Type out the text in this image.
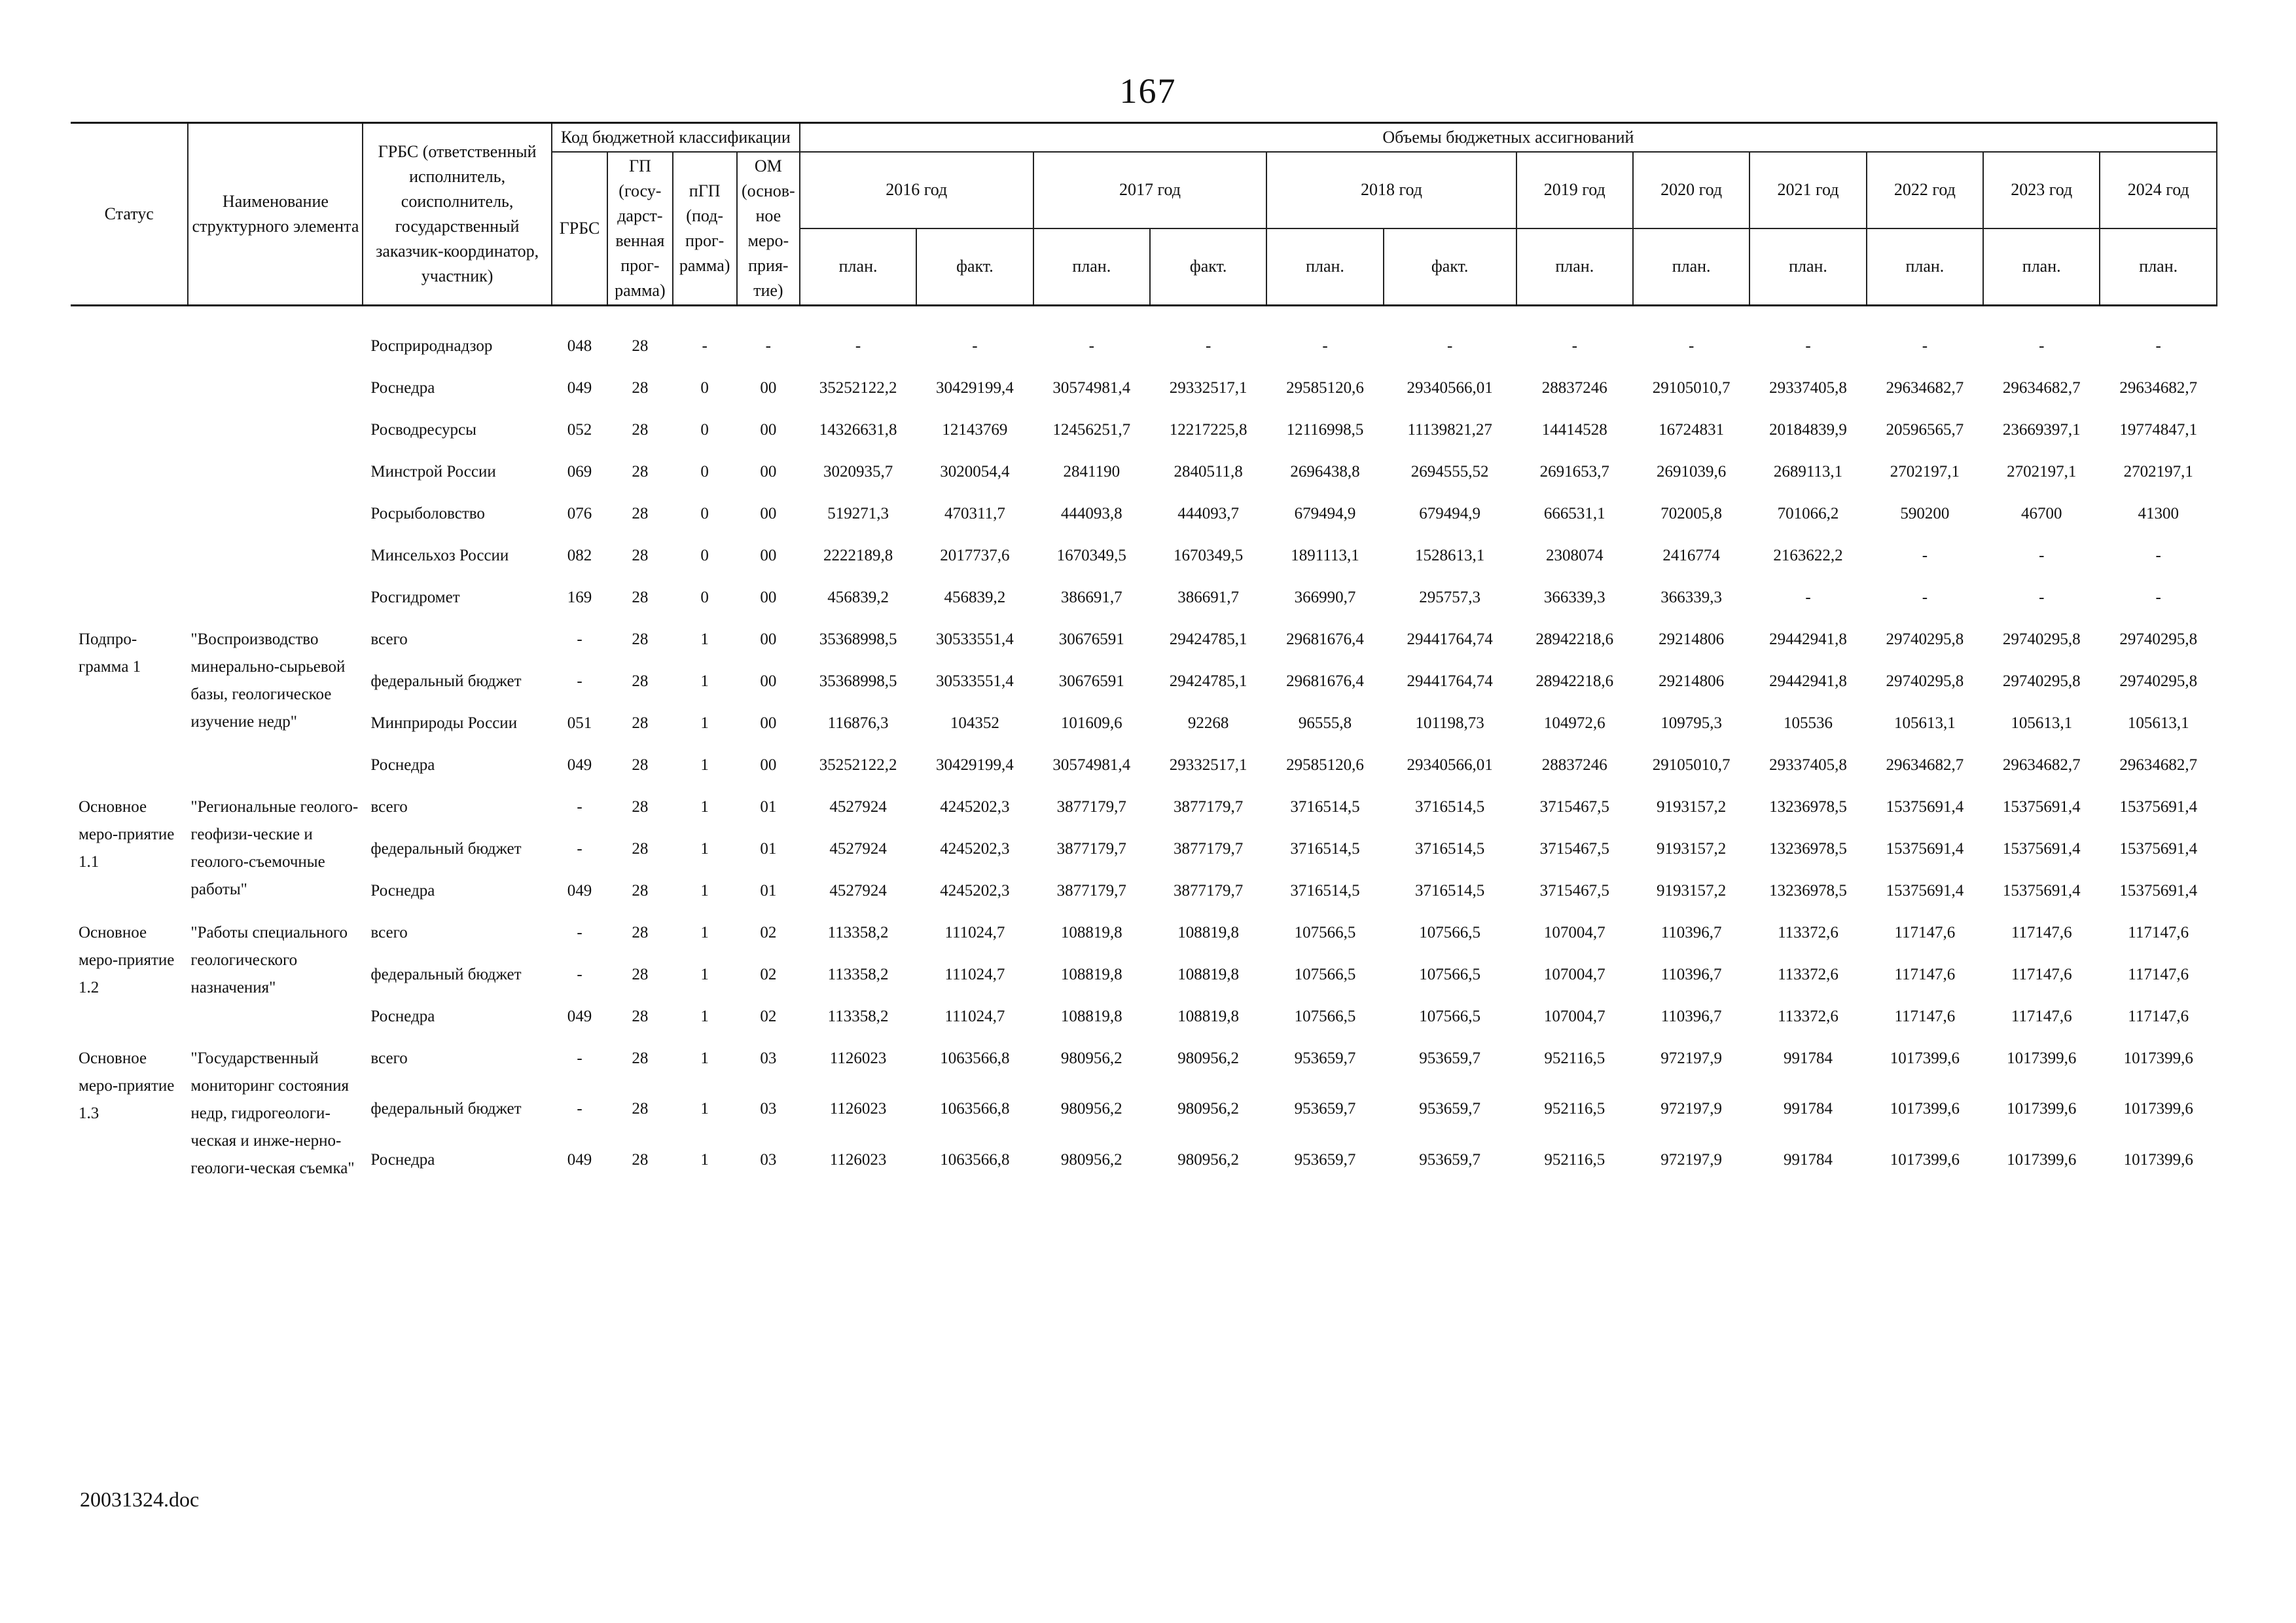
167
Статус	Наименование структурного элемента	ГРБС (ответственный исполнитель, соисполнитель, государственный заказчик-координатор, участник)	Код бюджетной классификации				Объемы бюджетных ассигнований											
			ГРБС	ГП (госу-дарст-венная прог-рамма)	пГП (под-прог-рамма)	ОМ (основ-ное меро-прия-тие)	2016 год		2017 год		2018 год		2019 год	2020 год	2021 год	2022 год	2023 год	2024 год
							план.	факт.	план.	факт.	план.	факт.	план.	план.	план.	план.	план.	план.
		Росприроднадзор	048	28	-	-	-	-	-	-	-	-	-	-	-	-	-	-
		Роснедра	049	28	0	00	35252122,2	30429199,4	30574981,4	29332517,1	29585120,6	29340566,01	28837246	29105010,7	29337405,8	29634682,7	29634682,7	29634682,7
		Росводресурсы	052	28	0	00	14326631,8	12143769	12456251,7	12217225,8	12116998,5	11139821,27	14414528	16724831	20184839,9	20596565,7	23669397,1	19774847,1
		Минстрой России	069	28	0	00	3020935,7	3020054,4	2841190	2840511,8	2696438,8	2694555,52	2691653,7	2691039,6	2689113,1	2702197,1	2702197,1	2702197,1
		Росрыболовство	076	28	0	00	519271,3	470311,7	444093,8	444093,7	679494,9	679494,9	666531,1	702005,8	701066,2	590200	46700	41300
		Минсельхоз России	082	28	0	00	2222189,8	2017737,6	1670349,5	1670349,5	1891113,1	1528613,1	2308074	2416774	2163622,2	-	-	-
		Росгидромет	169	28	0	00	456839,2	456839,2	386691,7	386691,7	366990,7	295757,3	366339,3	366339,3	-	-	-	-
Подпро-грамма 1	"Воспроизводство минерально-сырьевой базы, геологическое изучение недр"	всего	-	28	1	00	35368998,5	30533551,4	30676591	29424785,1	29681676,4	29441764,74	28942218,6	29214806	29442941,8	29740295,8	29740295,8	29740295,8
		федеральный бюджет	-	28	1	00	35368998,5	30533551,4	30676591	29424785,1	29681676,4	29441764,74	28942218,6	29214806	29442941,8	29740295,8	29740295,8	29740295,8
		Минприроды России	051	28	1	00	116876,3	104352	101609,6	92268	96555,8	101198,73	104972,6	109795,3	105536	105613,1	105613,1	105613,1
		Роснедра	049	28	1	00	35252122,2	30429199,4	30574981,4	29332517,1	29585120,6	29340566,01	28837246	29105010,7	29337405,8	29634682,7	29634682,7	29634682,7
Основное меро-приятие 1.1	"Региональные геолого-геофизи-ческие и геолого-съемочные работы"	всего	-	28	1	01	4527924	4245202,3	3877179,7	3877179,7	3716514,5	3716514,5	3715467,5	9193157,2	13236978,5	15375691,4	15375691,4	15375691,4
		федеральный бюджет	-	28	1	01	4527924	4245202,3	3877179,7	3877179,7	3716514,5	3716514,5	3715467,5	9193157,2	13236978,5	15375691,4	15375691,4	15375691,4
		Роснедра	049	28	1	01	4527924	4245202,3	3877179,7	3877179,7	3716514,5	3716514,5	3715467,5	9193157,2	13236978,5	15375691,4	15375691,4	15375691,4
Основное меро-приятие 1.2	"Работы специального геологического назначения"	всего	-	28	1	02	113358,2	111024,7	108819,8	108819,8	107566,5	107566,5	107004,7	110396,7	113372,6	117147,6	117147,6	117147,6
		федеральный бюджет	-	28	1	02	113358,2	111024,7	108819,8	108819,8	107566,5	107566,5	107004,7	110396,7	113372,6	117147,6	117147,6	117147,6
		Роснедра	049	28	1	02	113358,2	111024,7	108819,8	108819,8	107566,5	107566,5	107004,7	110396,7	113372,6	117147,6	117147,6	117147,6
Основное меро-приятие 1.3	"Государственный мониторинг состояния недр, гидрогеологи-ческая и инже-нерно-геологи-ческая съемка"	всего	-	28	1	03	1126023	1063566,8	980956,2	980956,2	953659,7	953659,7	952116,5	972197,9	991784	1017399,6	1017399,6	1017399,6
		федеральный бюджет	-	28	1	03	1126023	1063566,8	980956,2	980956,2	953659,7	953659,7	952116,5	972197,9	991784	1017399,6	1017399,6	1017399,6
		Роснедра	049	28	1	03	1126023	1063566,8	980956,2	980956,2	953659,7	953659,7	952116,5	972197,9	991784	1017399,6	1017399,6	1017399,6
20031324.doc
